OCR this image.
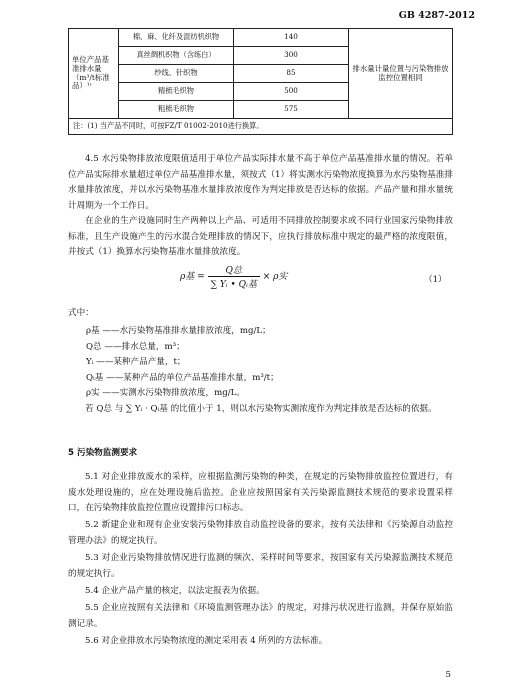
GB 4287-2012
单位产品基准排水量（m³/t标准品）¹⁾	棉、麻、化纤及混纺机织物	140	排水量计量位置与污染物排放监控位置相同
	真丝绸机织物（含练白）	300	
	纱线、针织物	85	
	精梳毛织物	500	
	粗梳毛织物	575	
注：(1) 当产品不同时，可按FZ/T 01002-2010进行换算。			
4.5 水污染物排放浓度限值适用于单位产品实际排水量不高于单位产品基准排水量的情况。若单位产品实际排水量超过单位产品基准排水量，须按式（1）将实测水污染物浓度换算为水污染物基准排水量排放浓度，并以水污染物基准水量排放浓度作为判定排放是否达标的依据。产品产量和排水量统计周期为一个工作日。
在企业的生产设施同时生产两种以上产品、可适用不同排放控制要求或不同行业国家污染物排放标准，且生产设施产生的污水混合处理排放的情况下，应执行排放标准中规定的最严格的浓度限值，并按式（1）换算水污染物基准水量排放浓度。
ρ基 = $\frac{\text{Q总}}{\text{∑ Yᵢ • Qᵢ基}} \times \rho$实	（1）
式中：
ρ基 ——水污染物基准排水量排放浓度，mg/L；
Q总 ——排水总量，m³；
Yᵢ ——某种产品产量，t；
Qᵢ基 ——某种产品的单位产品基准排水量，m³/t；
ρ实 ——实测水污染物排放浓度，mg/L。
若 Q总 与 ∑ Yᵢ · Qᵢ基 的比值小于 1，则以水污染物实测浓度作为判定排放是否达标的依据。
5 污染物监测要求
5.1 对企业排放废水的采样，应根据监测污染物的种类，在规定的污染物排放监控位置进行，有废水处理设施的，应在处理设施后监控。企业应按照国家有关污染源监测技术规范的要求设置采样口，在污染物排放监控位置应设置排污口标志。
5.2 新建企业和现有企业安装污染物排放自动监控设备的要求，按有关法律和《污染源自动监控管理办法》的规定执行。
5.3 对企业污染物排放情况进行监测的频次、采样时间等要求，按国家有关污染源监测技术规范的规定执行。
5.4 企业产品产量的核定，以法定报表为依据。
5.5 企业应按照有关法律和《环境监测管理办法》的规定，对排污状况进行监测，并保存原始监测记录。
5.6 对企业排放水污染物浓度的测定采用表 4 所列的方法标准。
5
